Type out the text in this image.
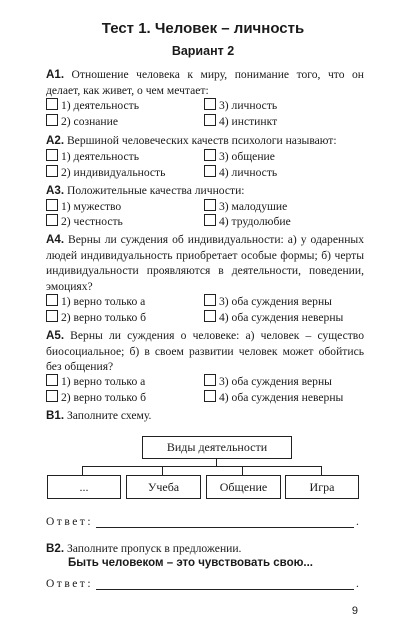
Тест 1. Человек – личность
Вариант 2
А1. Отношение человека к миру, понимание того, что он делает, как живет, о чем мечтает:
1) деятельность	3) личность
2) сознание	4) инстинкт
А2. Вершиной человеческих качеств психологи называют:
1) деятельность	3) общение
2) индивидуальность	4) личность
А3. Положительные качества личности:
1) мужество	3) малодушие
2) честность	4) трудолюбие
А4. Верны ли суждения об индивидуальности: а) у одаренных людей индивидуальность приобретает особые формы; б) черты индивидуальности проявляются в деятельности, поведении, эмоциях?
1) верно только а	3) оба суждения верны
2) верно только б	4) оба суждения неверны
А5. Верны ли суждения о человеке: а) человек – существо биосоциальное; б) в своем развитии человек может обойтись без общения?
1) верно только а	3) оба суждения верны
2) верно только б	4) оба суждения неверны
В1. Заполните схему.
Виды деятельности
...	Учеба	Общение	Игра
Ответ:	.
В2. Заполните пропуск в предложении.
Быть человеком – это чувствовать свою...
Ответ:	.
9
